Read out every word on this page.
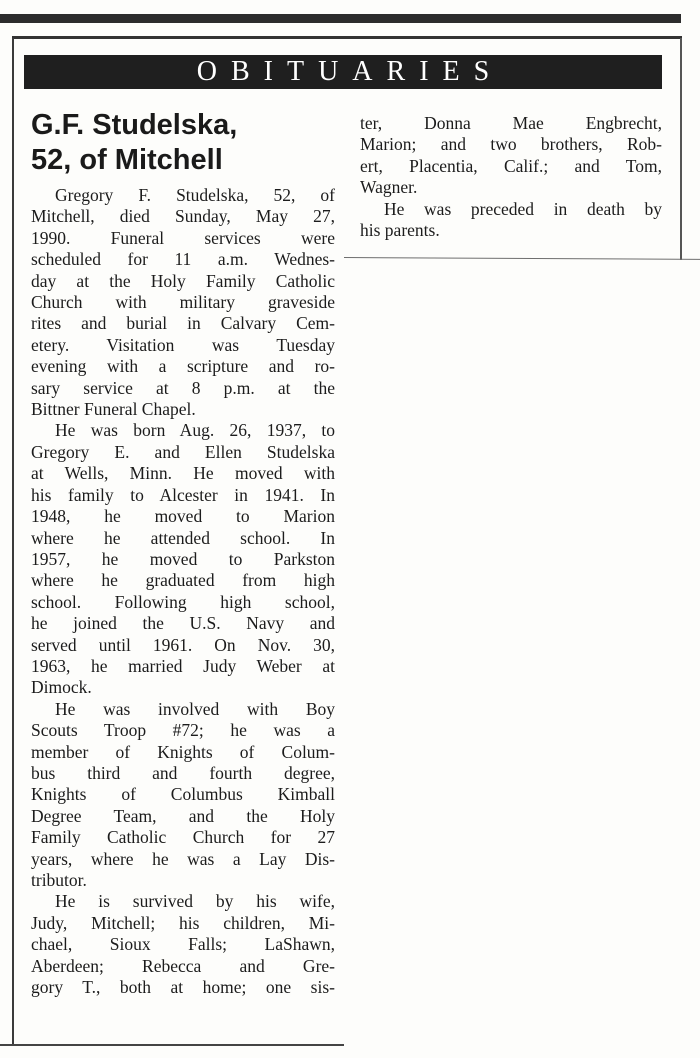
OBITUARIES
G.F. Studelska,
52, of Mitchell
Gregory F. Studelska, 52, of
Mitchell, died Sunday, May 27,
1990. Funeral services were
scheduled for 11 a.m. Wednes-
day at the Holy Family Catholic
Church with military graveside
rites and burial in Calvary Cem-
etery. Visitation was Tuesday
evening with a scripture and ro-
sary service at 8 p.m. at the
Bittner Funeral Chapel.
He was born Aug. 26, 1937, to
Gregory E. and Ellen Studelska
at Wells, Minn. He moved with
his family to Alcester in 1941. In
1948, he moved to Marion
where he attended school. In
1957, he moved to Parkston
where he graduated from high
school. Following high school,
he joined the U.S. Navy and
served until 1961. On Nov. 30,
1963, he married Judy Weber at
Dimock.
He was involved with Boy
Scouts Troop #72; he was a
member of Knights of Colum-
bus third and fourth degree,
Knights of Columbus Kimball
Degree Team, and the Holy
Family Catholic Church for 27
years, where he was a Lay Dis-
tributor.
He is survived by his wife,
Judy, Mitchell; his children, Mi-
chael, Sioux Falls; LaShawn,
Aberdeen; Rebecca and Gre-
gory T., both at home; one sis-
ter, Donna Mae Engbrecht,
Marion; and two brothers, Rob-
ert, Placentia, Calif.; and Tom,
Wagner.
He was preceded in death by
his parents.
